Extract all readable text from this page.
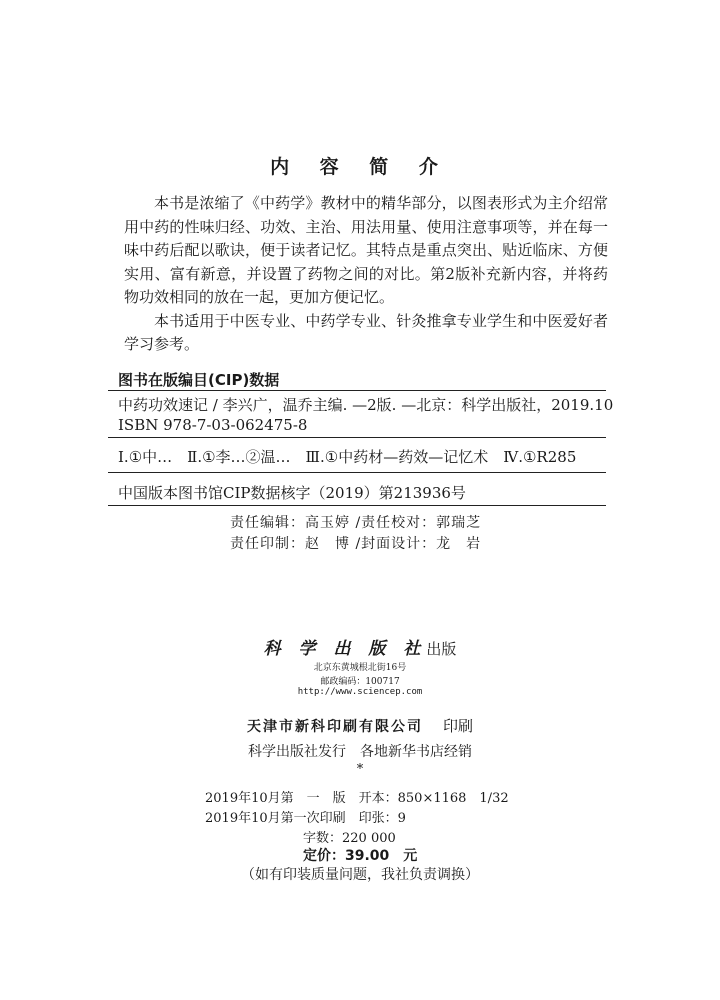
内 容 简 介

本书是浓缩了《中药学》教材中的精华部分，以图表形式为主介绍常用中药的性味归经、功效、主治、用法用量、使用注意事项等，并在每一味中药后配以歌诀，便于读者记忆。其特点是重点突出、贴近临床、方便实用、富有新意，并设置了药物之间的对比。第2版补充新内容，并将药物功效相同的放在一起，更加方便记忆。

本书适用于中医专业、中药学专业、针灸推拿专业学生和中医爱好者学习参考。

图书在版编目(CIP)数据
中药功效速记 / 李兴广，温乔主编. —2版. —北京：科学出版社，2019.10
ISBN 978-7-03-062475-8
Ⅰ.①中…　Ⅱ.①李…②温…　Ⅲ.①中药材—药效—记忆术　Ⅳ.①R285
中国版本图书馆CIP数据核字（2019）第213936号
责任编辑：高玉婷 /责任校对：郭瑞芝
责任印制：赵　博 /封面设计：龙　岩
科 学 出 版 社出版
北京东黄城根北街16号
邮政编码：100717
http://www.sciencep.com
天津市新科印刷有限公司 印刷
科学出版社发行　各地新华书店经销
*
2019年10月第　一　版　开本：850×1168　1/32
2019年10月第一次印刷　印张：9
字数：220 000
定价：39.00　元
（如有印装质量问题，我社负责调换）
